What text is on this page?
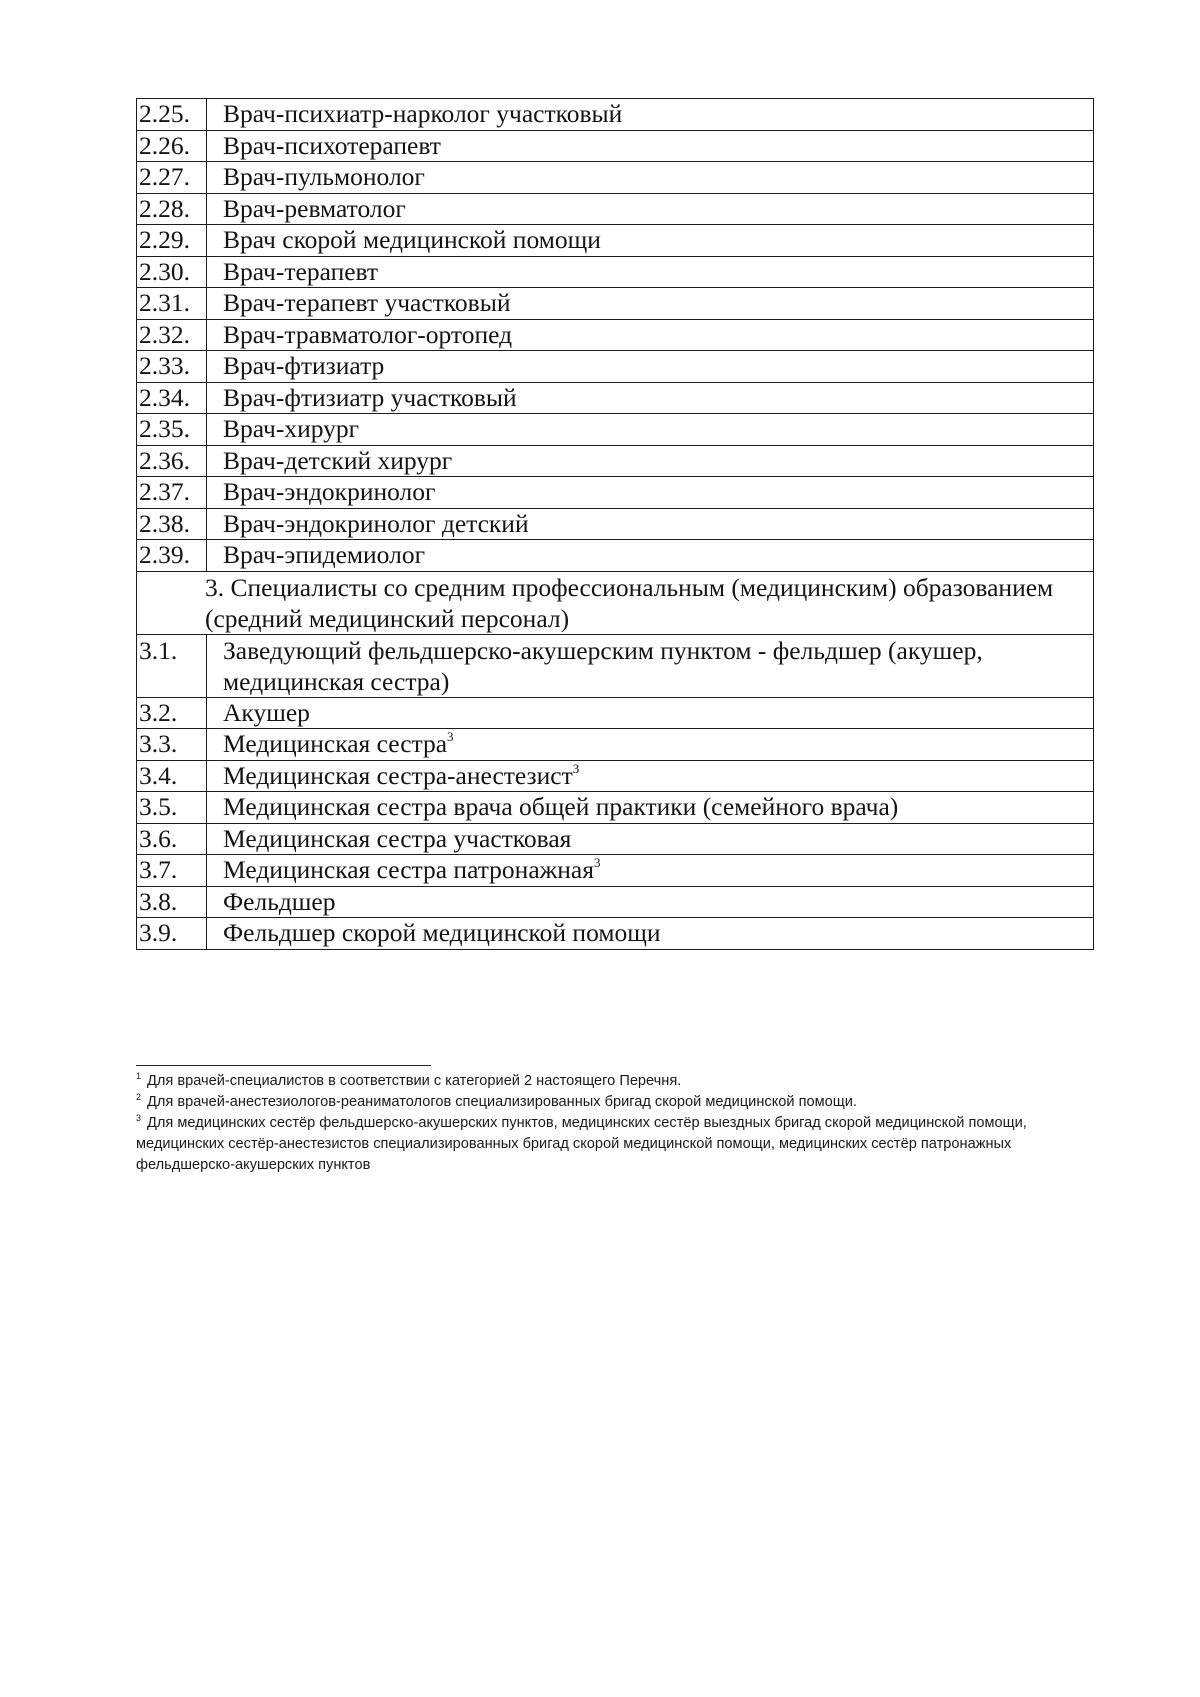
2.25.	Врач-психиатр-нарколог участковый
2.26.	Врач-психотерапевт
2.27.	Врач-пульмонолог
2.28.	Врач-ревматолог
2.29.	Врач скорой медицинской помощи
2.30.	Врач-терапевт
2.31.	Врач-терапевт участковый
2.32.	Врач-травматолог-ортопед
2.33.	Врач-фтизиатр
2.34.	Врач-фтизиатр участковый
2.35.	Врач-хирург
2.36.	Врач-детский хирург
2.37.	Врач-эндокринолог
2.38.	Врач-эндокринолог детский
2.39.	Врач-эпидемиолог
3. Специалисты со средним профессиональным (медицинским) образованием (средний медицинский персонал)	
3.1.	Заведующий фельдшерско-акушерским пунктом - фельдшер (акушер, медицинская сестра)
3.2.	Акушер
3.3.	Медицинская сестра$^3$
3.4.	Медицинская сестра-анестезист$^3$
3.5.	Медицинская сестра врача общей практики (семейного врача)
3.6.	Медицинская сестра участковая
3.7.	Медицинская сестра патронажная$^3$
3.8.	Фельдшер
3.9.	Фельдшер скорой медицинской помощи

$^1$ Для врачей-специалистов в соответствии с категорией 2 настоящего Перечня.

$^2$ Для врачей-анестезиологов-реаниматологов специализированных бригад скорой медицинской помощи.

$^3$ Для медицинских сестёр фельдшерско-акушерских пунктов, медицинских сестёр выездных бригад скорой медицинской помощи, медицинских сестёр-анестезистов специализированных бригад скорой медицинской помощи, медицинских сестёр патронажных фельдшерско-акушерских пунктов
